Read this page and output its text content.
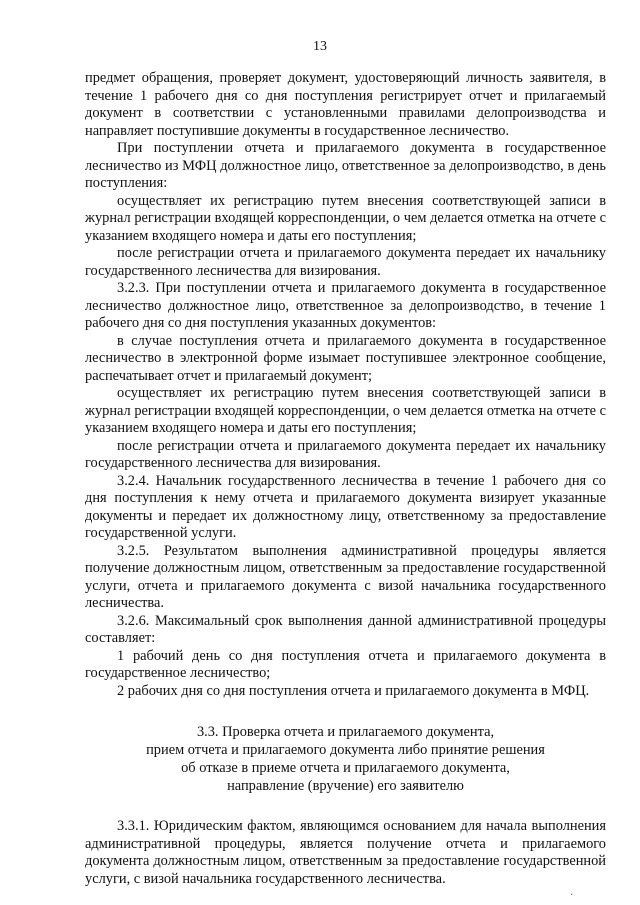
13

предмет обращения, проверяет документ, удостоверяющий личность заявителя, в течение 1 рабочего дня со дня поступления регистрирует отчет и прилагаемый документ в соответствии с установленными правилами делопроизводства и направляет поступившие документы в государственное лесничество.

При поступлении отчета и прилагаемого документа в государственное лесничество из МФЦ должностное лицо, ответственное за делопроизводство, в день поступления:

осуществляет их регистрацию путем внесения соответствующей записи в журнал регистрации входящей корреспонденции, о чем делается отметка на отчете с указанием входящего номера и даты его поступления;

после регистрации отчета и прилагаемого документа передает их начальнику государственного лесничества для визирования.

3.2.3. При поступлении отчета и прилагаемого документа в государственное лесничество должностное лицо, ответственное за делопроизводство, в течение 1 рабочего дня со дня поступления указанных документов:

в случае поступления отчета и прилагаемого документа в государственное лесничество в электронной форме изымает поступившее электронное сообщение, распечатывает отчет и прилагаемый документ;

осуществляет их регистрацию путем внесения соответствующей записи в журнал регистрации входящей корреспонденции, о чем делается отметка на отчете с указанием входящего номера и даты его поступления;

после регистрации отчета и прилагаемого документа передает их начальнику государственного лесничества для визирования.

3.2.4. Начальник государственного лесничества в течение 1 рабочего дня со дня поступления к нему отчета и прилагаемого документа визирует указанные документы и передает их должностному лицу, ответственному за предоставление государственной услуги.

3.2.5. Результатом выполнения административной процедуры является получение должностным лицом, ответственным за предоставление государственной услуги, отчета и прилагаемого документа с визой начальника государственного лесничества.

3.2.6. Максимальный срок выполнения данной административной процедуры составляет:

1 рабочий день со дня поступления отчета и прилагаемого документа в государственное лесничество;

2 рабочих дня со дня поступления отчета и прилагаемого документа в МФЦ.

3.3. Проверка отчета и прилагаемого документа,
прием отчета и прилагаемого документа либо принятие решения
об отказе в приеме отчета и прилагаемого документа,
направление (вручение) его заявителю

3.3.1. Юридическим фактом, являющимся основанием для начала выполнения административной процедуры, является получение отчета и прилагаемого документа должностным лицом, ответственным за предоставление государственной услуги, с визой начальника государственного лесничества.

·
